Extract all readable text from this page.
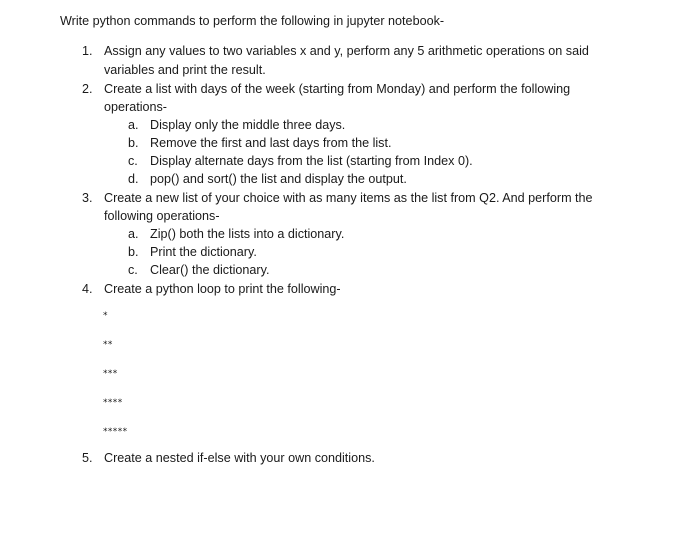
Write python commands to perform the following in jupyter notebook-
1. Assign any values to two variables x and y, perform any 5 arithmetic operations on said
variables and print the result.
2. Create a list with days of the week (starting from Monday) and perform the following
operations-
a. Display only the middle three days.
b. Remove the first and last days from the list.
c. Display alternate days from the list (starting from Index 0).
d. pop() and sort() the list and display the output.
3. Create a new list of your choice with as many items as the list from Q2. And perform the
following operations-
a. Zip() both the lists into a dictionary.
b. Print the dictionary.
c. Clear() the dictionary.
4. Create a python loop to print the following-
*
**
***
****
*****
5. Create a nested if-else with your own conditions.
